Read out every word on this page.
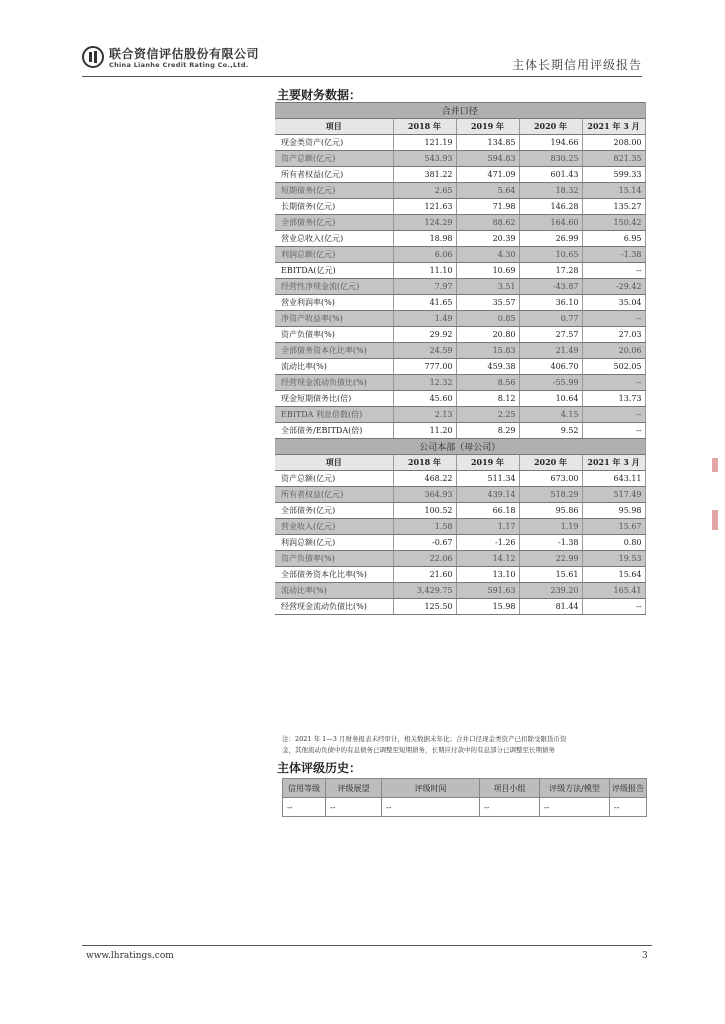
联合资信评估股份有限公司
China Lianhe Credit Rating Co.,Ltd.	主体长期信用评级报告
主要财务数据：
合并口径				
项目	2018 年	2019 年	2020 年	2021 年 3 月
现金类资产(亿元)	121.19	134.85	194.66	208.00
资产总额(亿元)	543.93	594.83	830.25	821.35
所有者权益(亿元)	381.22	471.09	601.43	599.33
短期债务(亿元)	2.65	5.64	18.32	15.14
长期债务(亿元)	121.63	71.98	146.28	135.27
全部债务(亿元)	124.29	88.62	164.60	150.42
营业总收入(亿元)	18.98	20.39	26.99	6.95
利润总额(亿元)	6.06	4.30	10.65	-1.38
EBITDA(亿元)	11.10	10.69	17.28	--
经营性净现金流(亿元)	7.97	3.51	-43.87	-29.42
营业利润率(%)	41.65	35.57	36.10	35.04
净资产收益率(%)	1.49	0.85	0.77	--
资产负债率(%)	29.92	20.80	27.57	27.03
全部债务资本化比率(%)	24.59	15.83	21.49	20.06
流动比率(%)	777.00	459.38	406.70	502.05
经营现金流动负债比(%)	12.32	8.56	-55.99	--
现金短期债务比(倍)	45.60	8.12	10.64	13.73
EBITDA 利息倍数(倍)	2.13	2.25	4.15	--
全部债务/EBITDA(倍)	11.20	8.29	9.52	--
公司本部（母公司）				
项目	2018 年	2019 年	2020 年	2021 年 3 月
资产总额(亿元)	468.22	511.34	673.00	643.11
所有者权益(亿元)	364.93	439.14	518.29	517.49
全部债务(亿元)	100.52	66.18	95.86	95.98
营业收入(亿元)	1.58	1.17	1.19	15.67
利润总额(亿元)	-0.67	-1.26	-1.38	0.80
资产负债率(%)	22.06	14.12	22.99	19.53
全部债务资本化比率(%)	21.60	13.10	15.61	15.64
流动比率(%)	3,429.75	591.63	239.20	165.41
经营现金流动负债比(%)	125.50	15.98	81.44	--
注：2021 年 1—3 月财务报表未经审计，相关数据未年化；合并口径现金类资产已扣除受限货币资
金，其他流动负债中的有息债务已调整至短期债务，长期应付款中的有息部分已调整至长期债务
主体评级历史：
信用等级	评级展望	评级时间	项目小组	评级方法/模型	评级报告
--	--	--	--	--	--
www.lhratings.com	3
